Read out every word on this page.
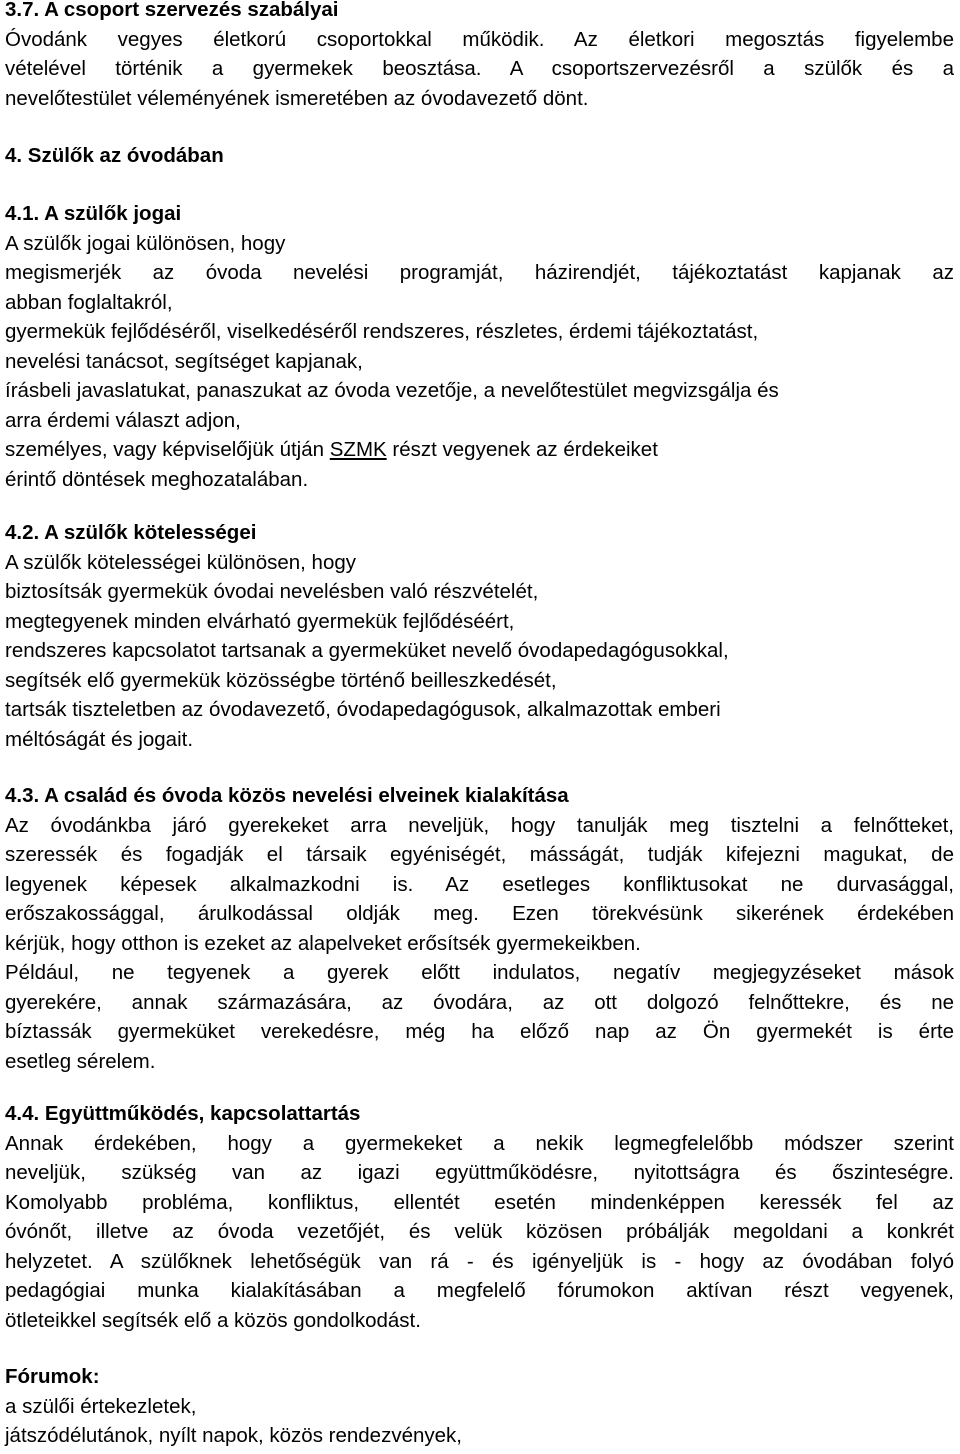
3.7. A csoport szervezés szabályai

Óvodánk vegyes életkorú csoportokkal működik. Az életkori megosztás figyelembe

vételével történik a gyermekek beosztása. A csoportszervezésről a szülők és a

nevelőtestület véleményének ismeretében az óvodavezető dönt.

4. Szülők az óvodában

4.1. A szülők jogai

A szülők jogai különösen, hogy

megismerjék az óvoda nevelési programját, házirendjét, tájékoztatást kapjanak az

abban foglaltakról,

gyermekük fejlődéséről, viselkedéséről rendszeres, részletes, érdemi tájékoztatást,

nevelési tanácsot, segítséget kapjanak,

írásbeli javaslatukat, panaszukat az óvoda vezetője, a nevelőtestület megvizsgálja és

arra érdemi választ adjon,

személyes, vagy képviselőjük útján SZMK részt vegyenek az érdekeiket

érintő döntések meghozatalában.

4.2. A szülők kötelességei

A szülők kötelességei különösen, hogy

biztosítsák gyermekük óvodai nevelésben való részvételét,

megtegyenek minden elvárható gyermekük fejlődéséért,

rendszeres kapcsolatot tartsanak a gyermeküket nevelő óvodapedagógusokkal,

segítsék elő gyermekük közösségbe történő beilleszkedését,

tartsák tiszteletben az óvodavezető, óvodapedagógusok, alkalmazottak emberi

méltóságát és jogait.

4.3. A család és óvoda közös nevelési elveinek kialakítása

Az óvodánkba járó gyerekeket arra neveljük, hogy tanulják meg tisztelni a felnőtteket,

szeressék és fogadják el társaik egyéniségét, másságát, tudják kifejezni magukat, de

legyenek képesek alkalmazkodni is. Az esetleges konfliktusokat ne durvasággal,

erőszakossággal, árulkodással oldják meg. Ezen törekvésünk sikerének érdekében

kérjük, hogy otthon is ezeket az alapelveket erősítsék gyermekeikben.

Például, ne tegyenek a gyerek előtt indulatos, negatív megjegyzéseket mások

gyerekére, annak származására, az óvodára, az ott dolgozó felnőttekre, és ne

bíztassák gyermeküket verekedésre, még ha előző nap az Ön gyermekét is érte

esetleg sérelem.

4.4. Együttműködés, kapcsolattartás

Annak érdekében, hogy a gyermekeket a nekik legmegfelelőbb módszer szerint

neveljük, szükség van az igazi együttműködésre, nyitottságra és őszinteségre.

Komolyabb probléma, konfliktus, ellentét esetén mindenképpen keressék fel az

óvónőt, illetve az óvoda vezetőjét, és velük közösen próbálják megoldani a konkrét

helyzetet. A szülőknek lehetőségük van rá - és igényeljük is - hogy az óvodában folyó

pedagógiai munka kialakításában a megfelelő fórumokon aktívan részt vegyenek,

ötleteikkel segítsék elő a közös gondolkodást.

Fórumok:

a szülői értekezletek,

játszódélutánok, nyílt napok, közös rendezvények,
